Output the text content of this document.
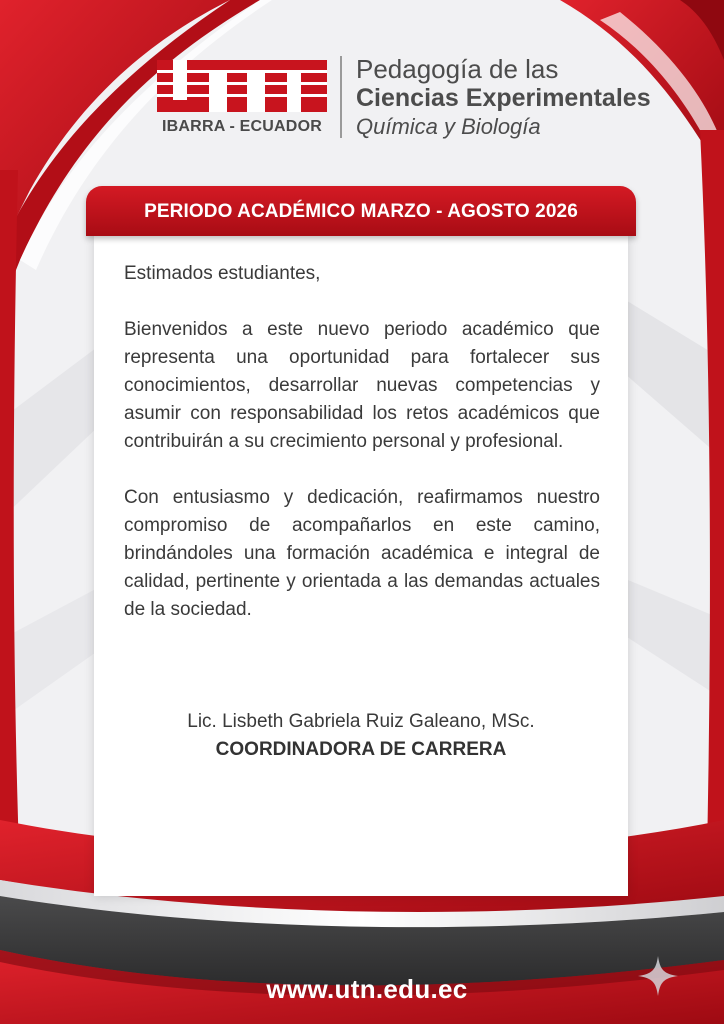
IBARRA - ECUADOR
Pedagogía de las
Ciencias Experimentales
Química y Biología
PERIODO ACADÉMICO MARZO - AGOSTO 2026

Estimados estudiantes,

Bienvenidos a este nuevo periodo académico que representa una oportunidad para fortalecer sus conocimientos, desarrollar nuevas competencias y asumir con responsabilidad los retos académicos que contribuirán a su crecimiento personal y profesional.

Con entusiasmo y dedicación, reafirmamos nuestro compromiso de acompañarlos en este camino, brindándoles una formación académica e integral de calidad, pertinente y orientada a las demandas actuales de la sociedad.

Lic. Lisbeth Gabriela Ruiz Galeano, MSc.
COORDINADORA DE CARRERA
www.utn.edu.ec
